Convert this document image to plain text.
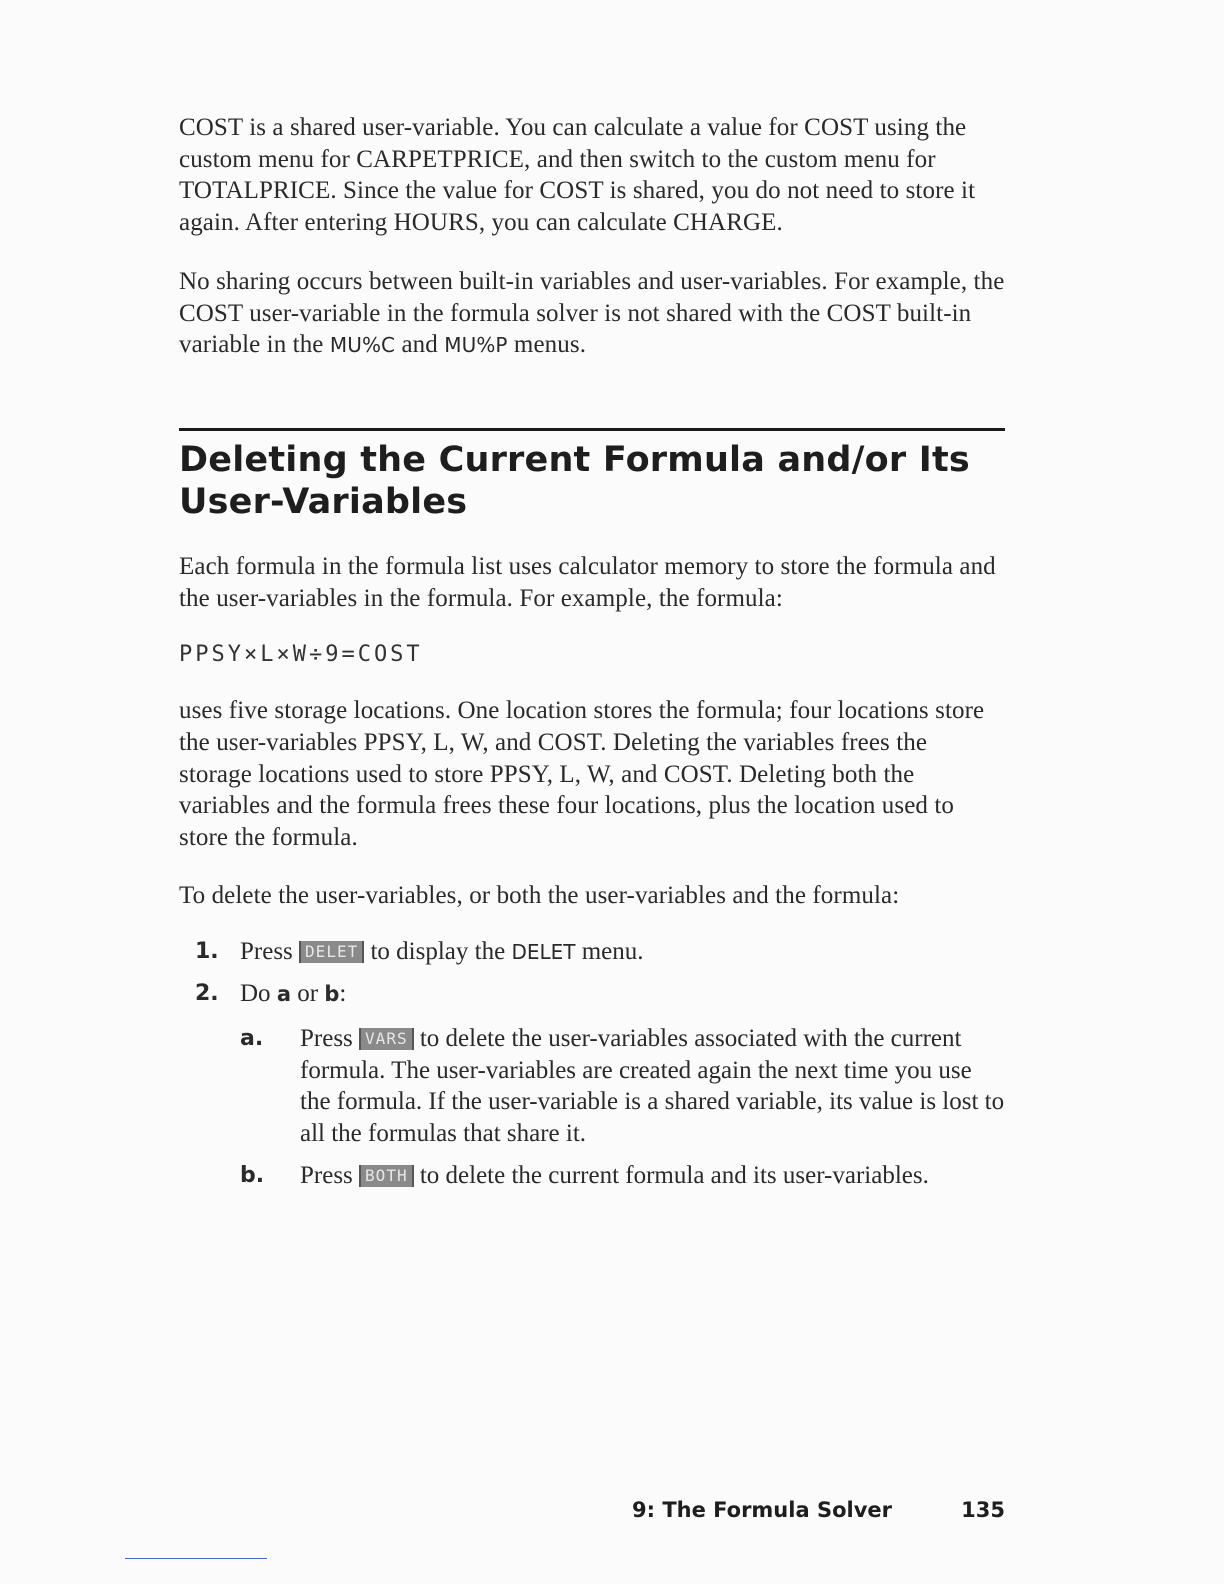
COST is a shared user-variable. You can calculate a value for COST using the custom menu for CARPETPRICE, and then switch to the custom menu for TOTALPRICE. Since the value for COST is shared, you do not need to store it again. After entering HOURS, you can calculate CHARGE.

No sharing occurs between built-in variables and user-variables. For example, the COST user-variable in the formula solver is not shared with the COST built-in variable in the MU%C and MU%P menus.

Deleting the Current Formula and/or Its User-Variables

Each formula in the formula list uses calculator memory to store the formula and the user-variables in the formula. For example, the formula:

PPSY×L×W÷9=COST

uses five storage locations. One location stores the formula; four locations store the user-variables PPSY, L, W, and COST. Deleting the variables frees the storage locations used to store PPSY, L, W, and COST. Deleting both the variables and the formula frees these four locations, plus the location used to store the formula.

To delete the user-variables, or both the user-variables and the formula:

1. Press DELET to display the DELET menu.
2. Do a or b:
a. Press VARS to delete the user-variables associated with the current formula. The user-variables are created again the next time you use the formula. If the user-variable is a shared variable, its value is lost to all the formulas that share it.
b. Press BOTH to delete the current formula and its user-variables.
9: The Formula Solver	135
